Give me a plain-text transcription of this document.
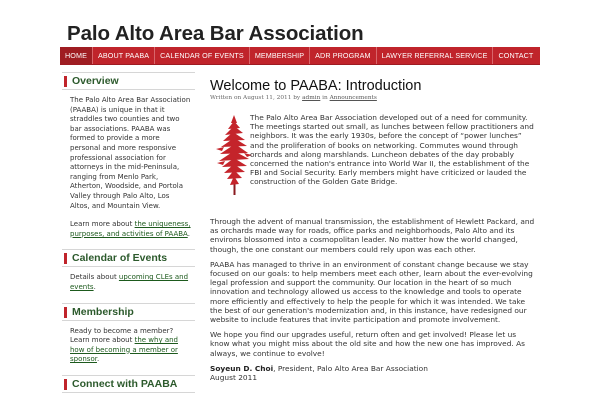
Palo Alto Area Bar Association
HOME	ABOUT PAABA	CALENDAR OF EVENTS	MEMBERSHIP	ADR PROGRAM	LAWYER REFERRAL SERVICE	CONTACT
Overview

The Palo Alto Area Bar Association (PAABA) is unique in that it straddles two counties and two bar associations. PAABA was formed to provide a more personal and more responsive professional association for attorneys in the mid-Peninsula, ranging from Menlo Park, Atherton, Woodside, and Portola Valley through Palo Alto, Los Altos, and Mountain View.

Learn more about the uniqueness, purposes, and activities of PAABA.

Calendar of Events

Details about upcoming CLEs and events.

Membership

Ready to become a member? Learn more about the why and how of becoming a member or sponsor.

Connect with PAABA
Welcome to PAABA: Introduction
Written on August 11, 2011 by admin in Announcements
The Palo Alto Area Bar Association developed out of a need for community. The meetings started out small, as lunches between fellow practitioners and neighbors. It was the early 1930s, before the concept of “power lunches” and the proliferation of books on networking. Commutes wound through orchards and along marshlands. Luncheon debates of the day probably concerned the nation's entrance into World War II, the establishment of the FBI and Social Security. Early members might have criticized or lauded the construction of the Golden Gate Bridge.

Through the advent of manual transmission, the establishment of Hewlett Packard, and as orchards made way for roads, office parks and neighborhoods, Palo Alto and its environs blossomed into a cosmopolitan leader. No matter how the world changed, though, the one constant our members could rely upon was each other.

PAABA has managed to thrive in an environment of constant change because we stay focused on our goals: to help members meet each other, learn about the ever-evolving legal profession and support the community. Our location in the heart of so much innovation and technology allowed us access to the knowledge and tools to operate more efficiently and effectively to help the people for which it was intended. We take the best of our generation's modernization and, in this instance, have redesigned our website to include features that invite participation and promote involvement.

We hope you find our upgrades useful, return often and get involved! Please let us know what you might miss about the old site and how the new one has improved. As always, we continue to evolve!

Soyeun D. Choi, President, Palo Alto Area Bar Association
August 2011
